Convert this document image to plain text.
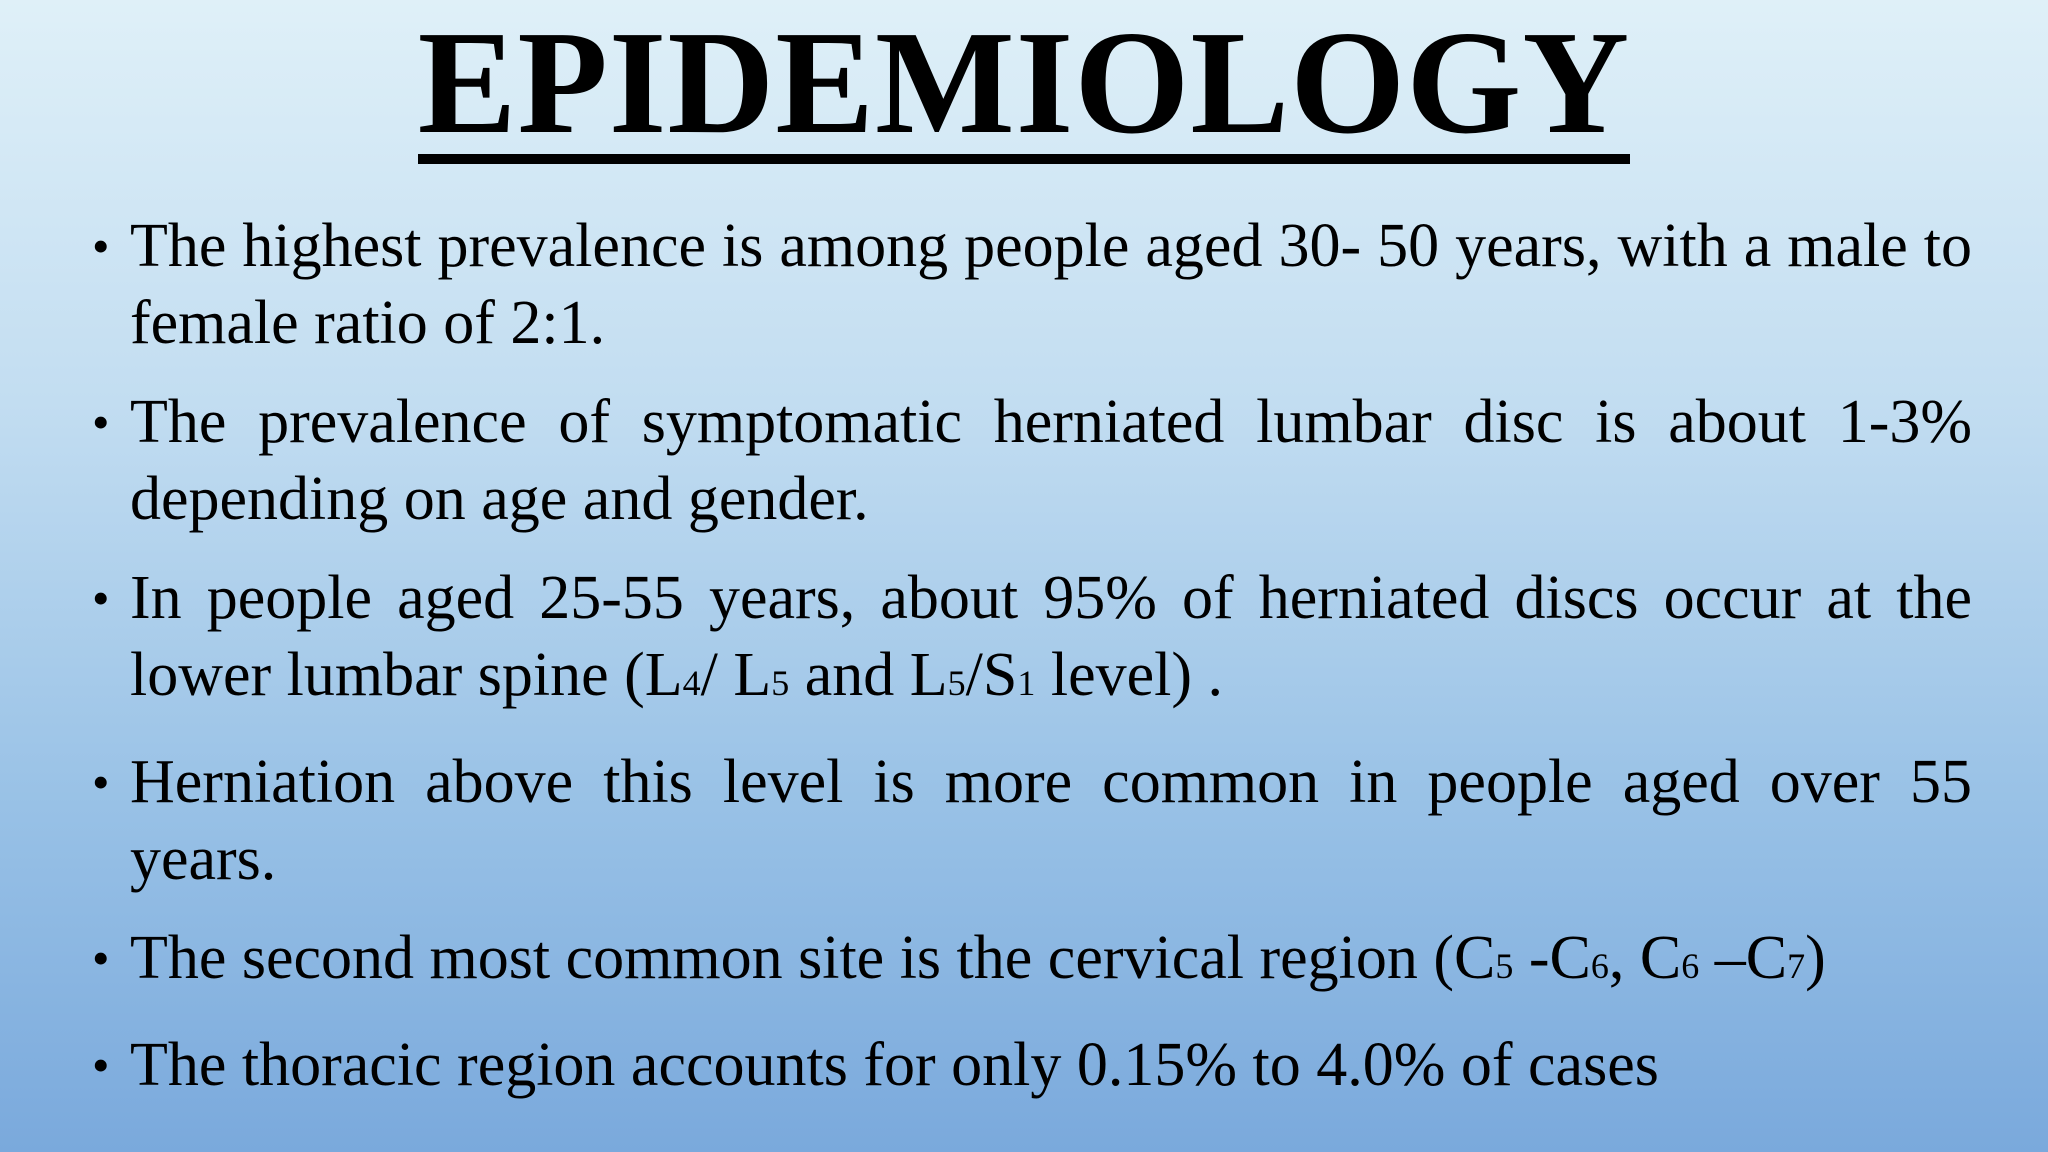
EPIDEMIOLOGY
• The highest prevalence is among people aged 30- 50 years, with a male to female ratio of 2:1.
• The prevalence of symptomatic herniated lumbar disc is about 1-3% depending on age and gender.
• In people aged 25-55 years, about 95% of herniated discs occur at the lower lumbar spine (L4/ L5 and L5/S1 level) .
• Herniation above this level is more common in people aged over 55 years.
• The second most common site is the cervical region (C5 -C6, C6 –C7)
• The thoracic region accounts for only 0.15% to 4.0% of cases
